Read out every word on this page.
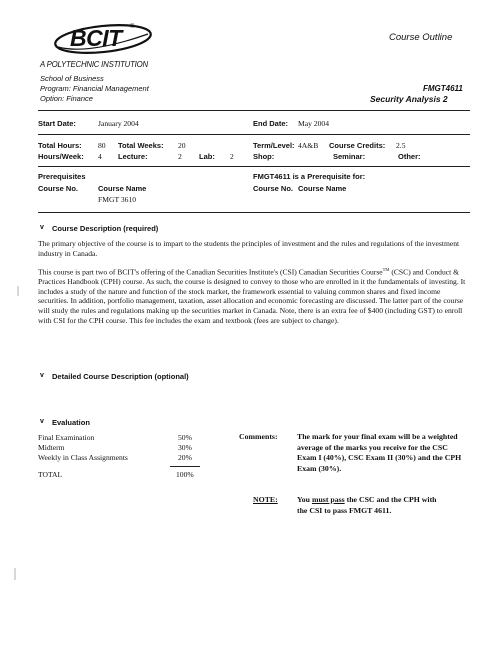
BCIT ®
Course Outline
A POLYTECHNIC INSTITUTION
School of Business
Program: Financial Management
Option: Finance
FMGT4611
Security Analysis 2
Start Date:	January 2004	End Date: May 2004
Total Hours: 80 Total Weeks: 20	Term/Level: 4A&B Course Credits: 2.5
Hours/Week: 4 Lecture:	2 Lab: 2	Shop:	Seminar:	Other:
Prerequisites
Course No.	Course Name
FMGT 3610
FMGT4611 is a Prerequisite for:
Course No. Course Name
v Course Description (required)
The primary objective of the course is to impart to the students the principles of investment and the rules and regulations of the investment industry in Canada.
This course is part two of BCIT's offering of the Canadian Securities Institute's (CSI) Canadian Securities Course™ (CSC) and Conduct & Practices Handbook (CPH) course. As such, the course is designed to convey to those who are enrolled in it the fundamentals of investing. It includes a study of the nature and function of the stock market, the framework essential to valuing common shares and fixed income securities. In addition, portfolio management, taxation, asset allocation and economic forecasting are discussed. The latter part of the course will study the rules and regulations making up the securities market in Canada. Note, there is an extra fee of $400 (including GST) to enroll with CSI for the CPH course. This fee includes the exam and textbook (fees are subject to change).
v Detailed Course Description (optional)
v Evaluation
Final Examination	50%
Midterm	30%
Weekly in Class Assignments	20%
TOTAL	100%
Comments: The mark for your final exam will be a weighted average of the marks you receive for the CSC Exam I (40%), CSC Exam II (30%) and the CPH Exam (30%).
NOTE: You must pass the CSC and the CPH with the CSI to pass FMGT 4611.
